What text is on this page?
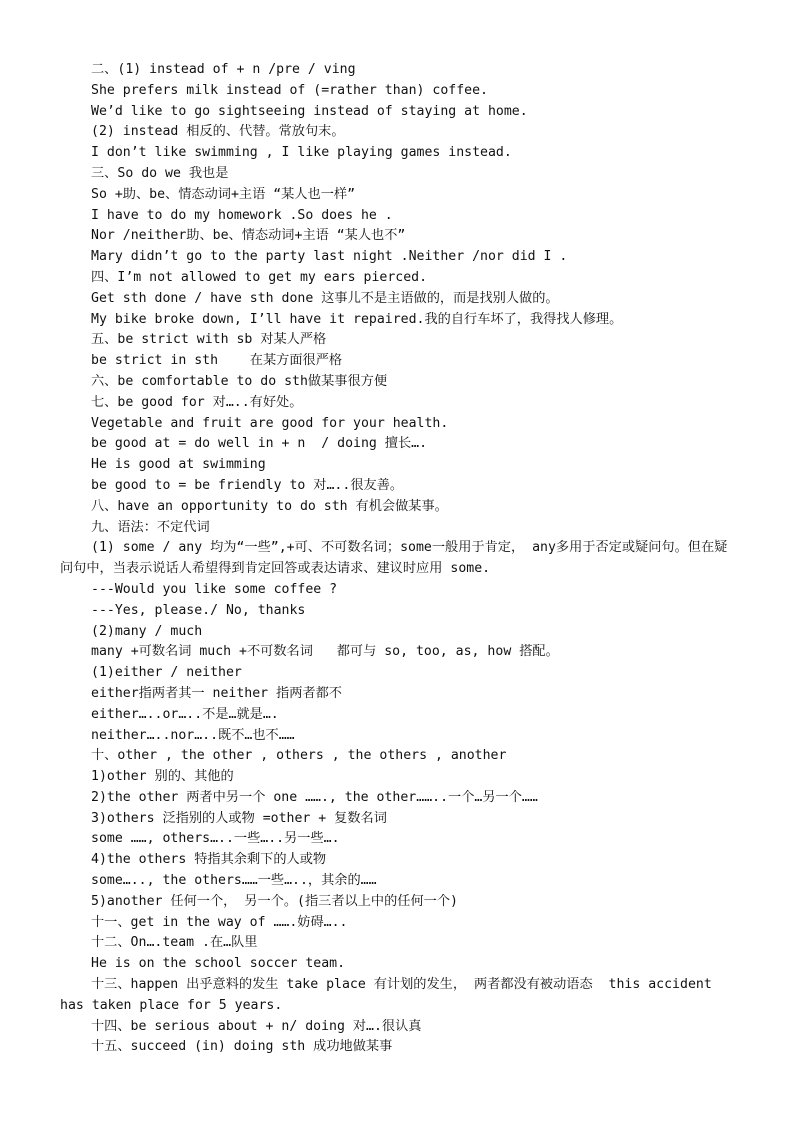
二、(1) instead of + n /pre / ving
She prefers milk instead of (=rather than) coffee.
We’d like to go sightseeing instead of staying at home.
(2) instead 相反的、代替。常放句末。
I don’t like swimming , I like playing games instead.
三、So do we 我也是
So +助、be、情态动词+主语 “某人也一样”
I have to do my homework .So does he .
Nor /neither助、be、情态动词+主语 “某人也不”
Mary didn’t go to the party last night .Neither /nor did I .
四、I’m not allowed to get my ears pierced.
Get sth done / have sth done 这事儿不是主语做的，而是找别人做的。
My bike broke down, I’ll have it repaired.我的自行车坏了，我得找人修理。
五、be strict with sb 对某人严格
be strict in sth    在某方面很严格
六、be comfortable to do sth做某事很方便
七、be good for 对…..有好处。
Vegetable and fruit are good for your health.
be good at = do well in + n  / doing 擅长….
He is good at swimming
be good to = be friendly to 对…..很友善。
八、have an opportunity to do sth 有机会做某事。
九、语法：不定代词
(1) some / any 均为“一些”,+可、不可数名词；some一般用于肯定， any多用于否定或疑问句。但在疑问句中，当表示说话人希望得到肯定回答或表达请求、建议时应用 some.
---Would you like some coffee ?
---Yes, please./ No, thanks
(2)many / much
many +可数名词 much +不可数名词   都可与 so, too, as, how 搭配。
(1)either / neither
either指两者其一 neither 指两者都不
either…..or…..不是…就是….
neither…..nor…..既不…也不……
十、other , the other , others , the others , another
1)other 别的、其他的
2)the other 两者中另一个 one ……., the other……..一个…另一个……
3)others 泛指别的人或物 =other + 复数名词
some ……, others…..一些…..另一些….
4)the others 特指其余剩下的人或物
some….., the others……一些…..，其余的……
5)another 任何一个， 另一个。(指三者以上中的任何一个)
十一、get in the way of …….妨碍…..
十二、On….team .在…队里
He is on the school soccer team.
十三、happen 出乎意料的发生 take place 有计划的发生， 两者都没有被动语态  this accident has taken place for 5 years.
十四、be serious about + n/ doing 对….很认真
十五、succeed (in) doing sth 成功地做某事
